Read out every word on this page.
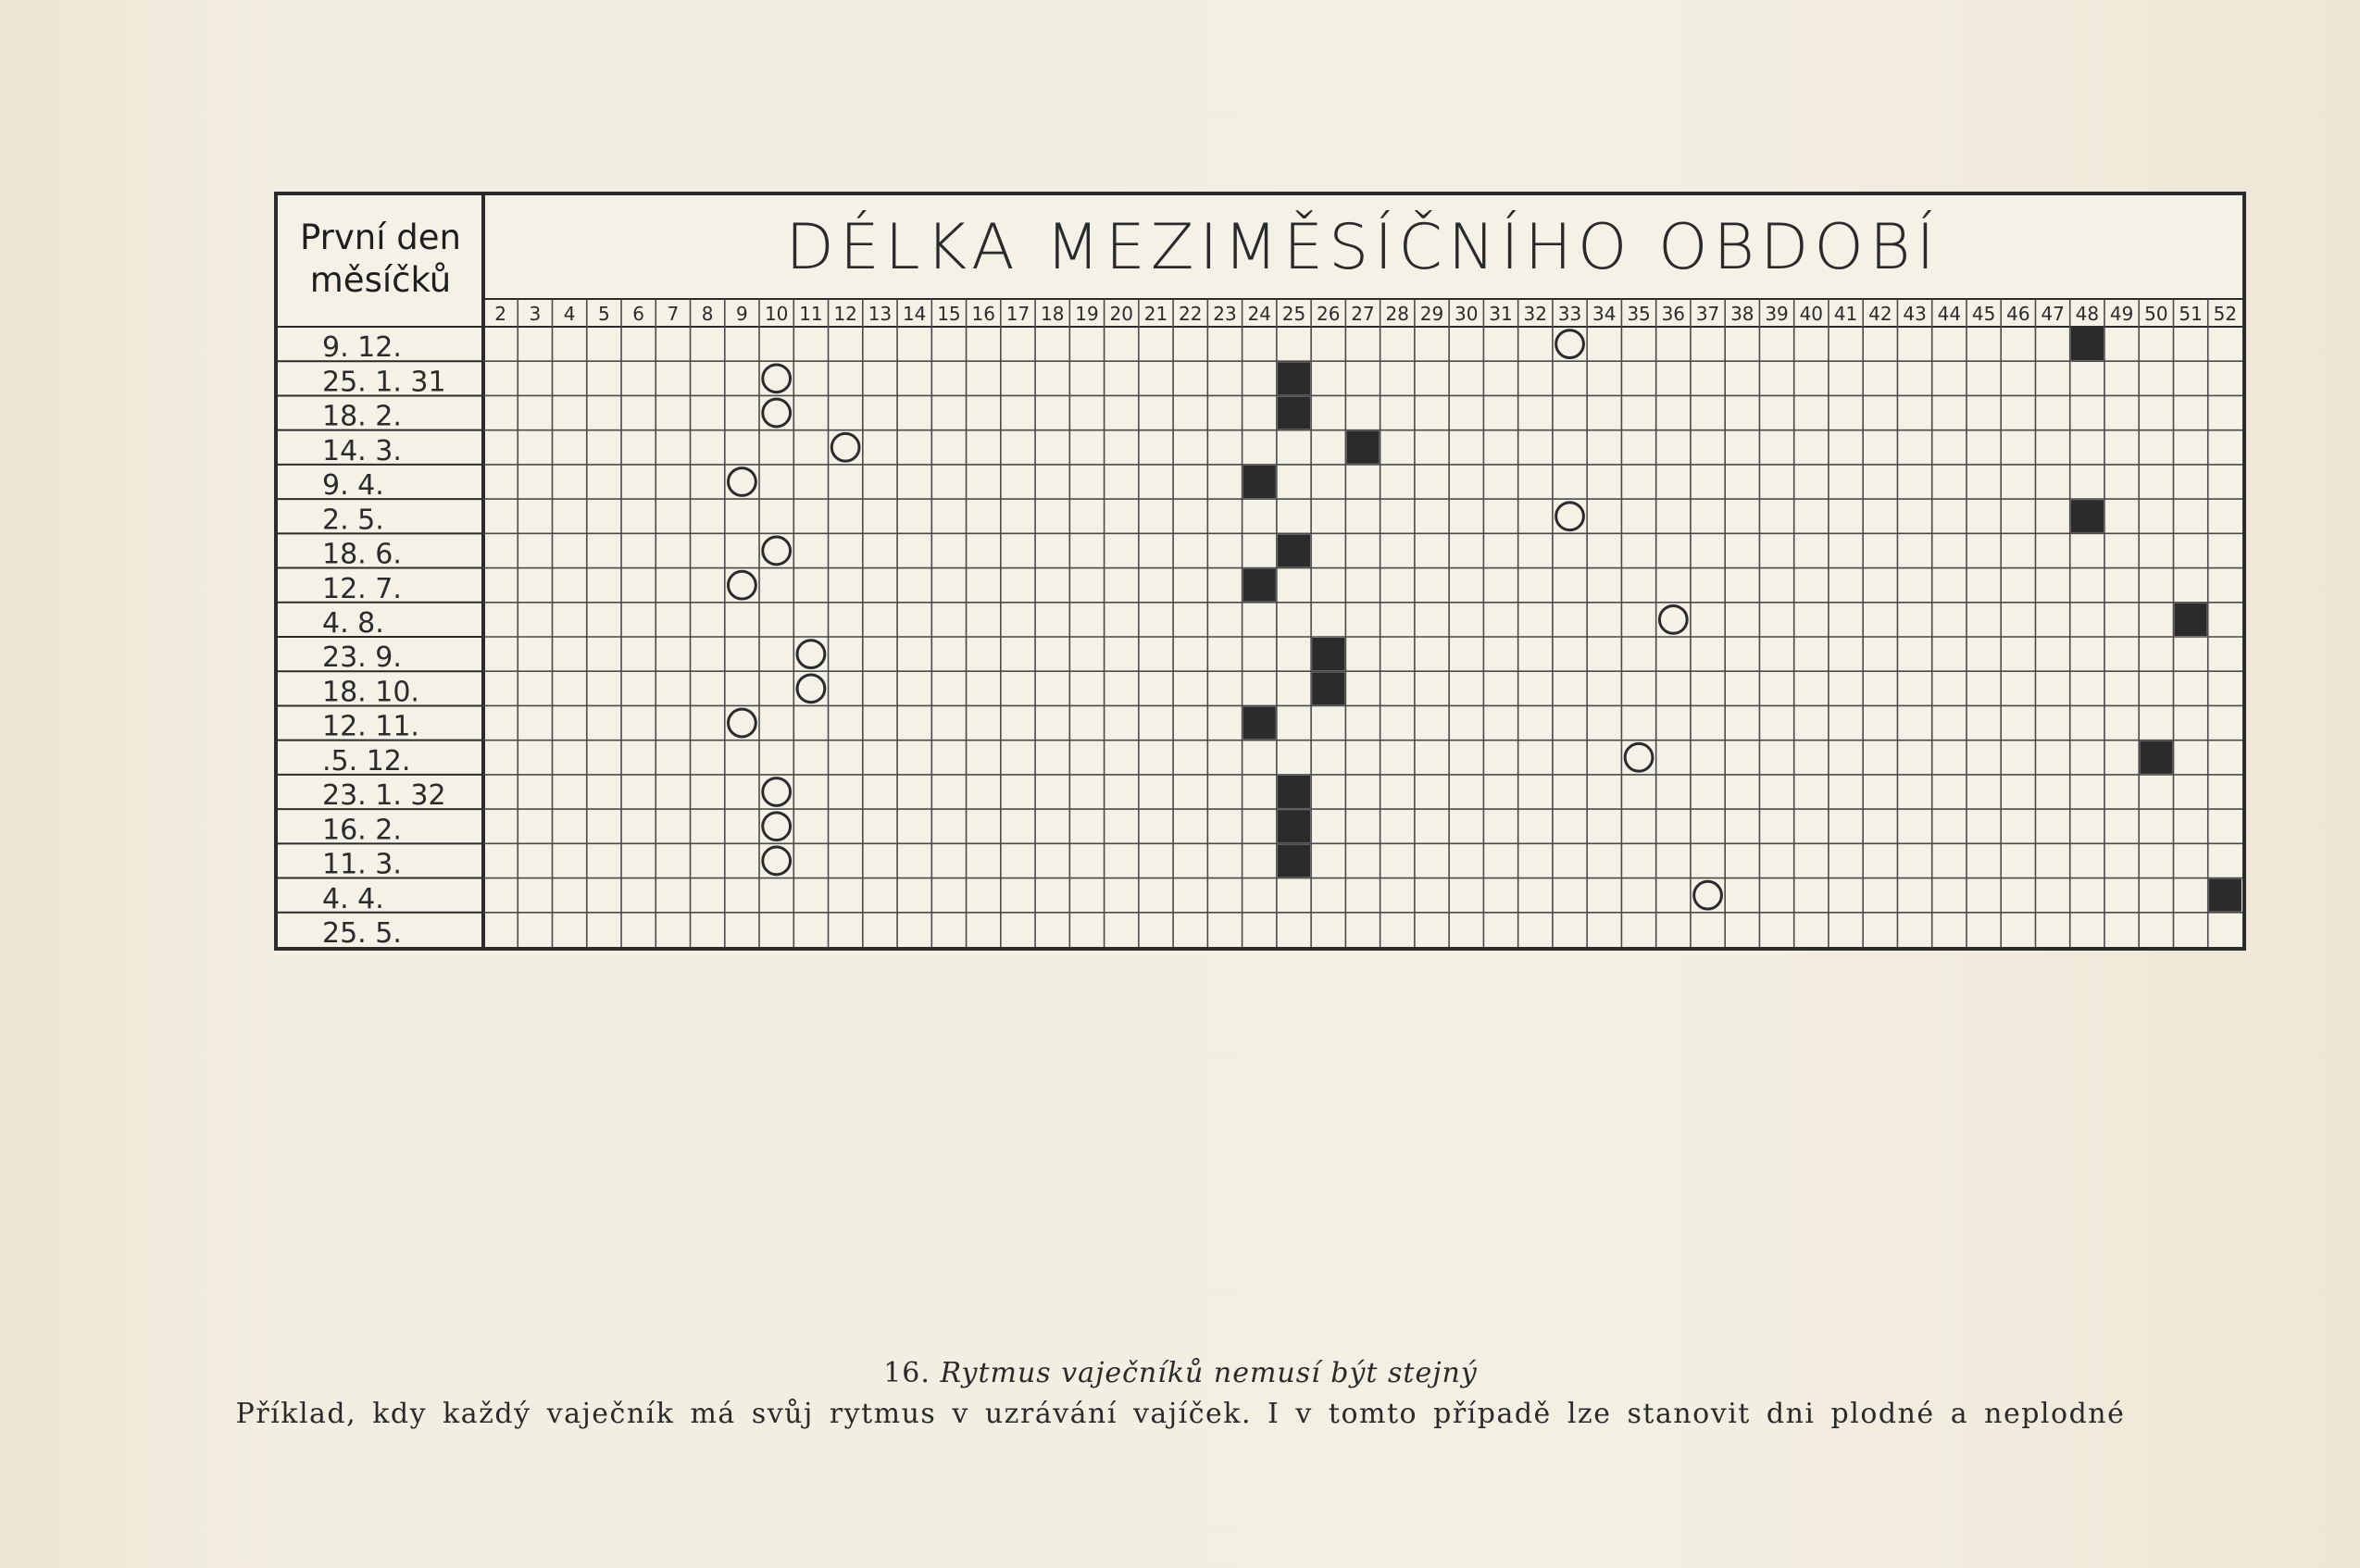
2 3 4 5 6 7 8 9 10 11 12 13 14 15 16 17 18 19 20 21 22 23 24 25 26 27 28 29 30 31 32 33 34 35 36 37 38 39 40 41 42 43 44 45 46 47 48 49 50 51 52
9. 12.
25. 1. 31
18. 2.
14. 3.
9. 4.
2. 5.
18. 6.
12. 7.
4. 8.
23. 9.
18. 10.
12. 11.
.5. 12.
23. 1. 32
16. 2.
11. 3.
4. 4.
25. 5.
První den
měsíčků	DÉLKA MEZIMĚSÍČNÍHO OBDOBÍ
16. Rytmus vaječníků nemusí být stejný
Příklad, kdy každý vaječník má svůj rytmus v uzrávání vajíček. I v tomto případě lze stanovit dni plodné a neplodné
